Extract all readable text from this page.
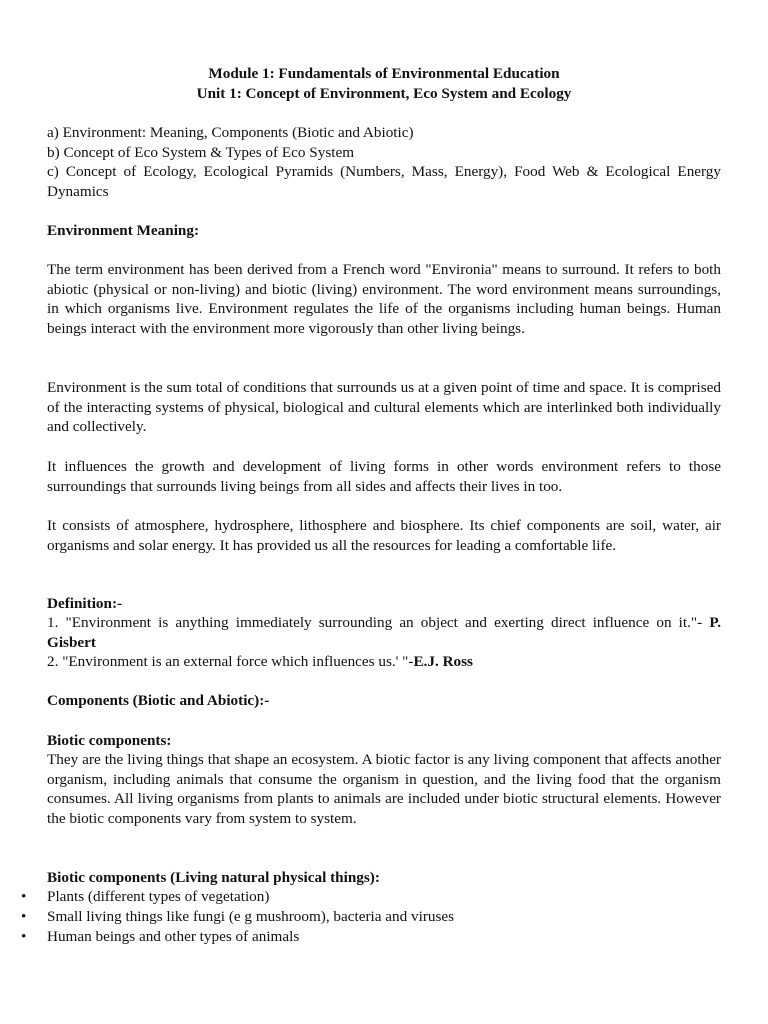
Module 1: Fundamentals of Environmental Education
Unit 1: Concept of Environment, Eco System and Ecology
a) Environment: Meaning, Components (Biotic and Abiotic)
b) Concept of Eco System & Types of Eco System
c) Concept of Ecology, Ecological Pyramids (Numbers, Mass, Energy), Food Web & Ecological Energy Dynamics
Environment Meaning:
The term environment has been derived from a French word "Environia" means to surround. It refers to both abiotic (physical or non-living) and biotic (living) environment. The word environment means surroundings, in which organisms live. Environment regulates the life of the organisms including human beings. Human beings interact with the environment more vigorously than other living beings.
Environment is the sum total of conditions that surrounds us at a given point of time and space. It is comprised of the interacting systems of physical, biological and cultural elements which are interlinked both individually and collectively.
It influences the growth and development of living forms in other words environment refers to those surroundings that surrounds living beings from all sides and affects their lives in too.
It consists of atmosphere, hydrosphere, lithosphere and biosphere. Its chief components are soil, water, air organisms and solar energy. It has provided us all the resources for leading a comfortable life.
Definition:-
1. "Environment is anything immediately surrounding an object and exerting direct influence on it."- P. Gisbert
2. "Environment is an external force which influences us.' "-E.J. Ross
Components (Biotic and Abiotic):-
Biotic components:
They are the living things that shape an ecosystem. A biotic factor is any living component that affects another organism, including animals that consume the organism in question, and the living food that the organism consumes. All living organisms from plants to animals are included under biotic structural elements. However the biotic components vary from system to system.
Biotic components (Living natural physical things):
• Plants (different types of vegetation)
• Small living things like fungi (e g mushroom), bacteria and viruses
• Human beings and other types of animals
